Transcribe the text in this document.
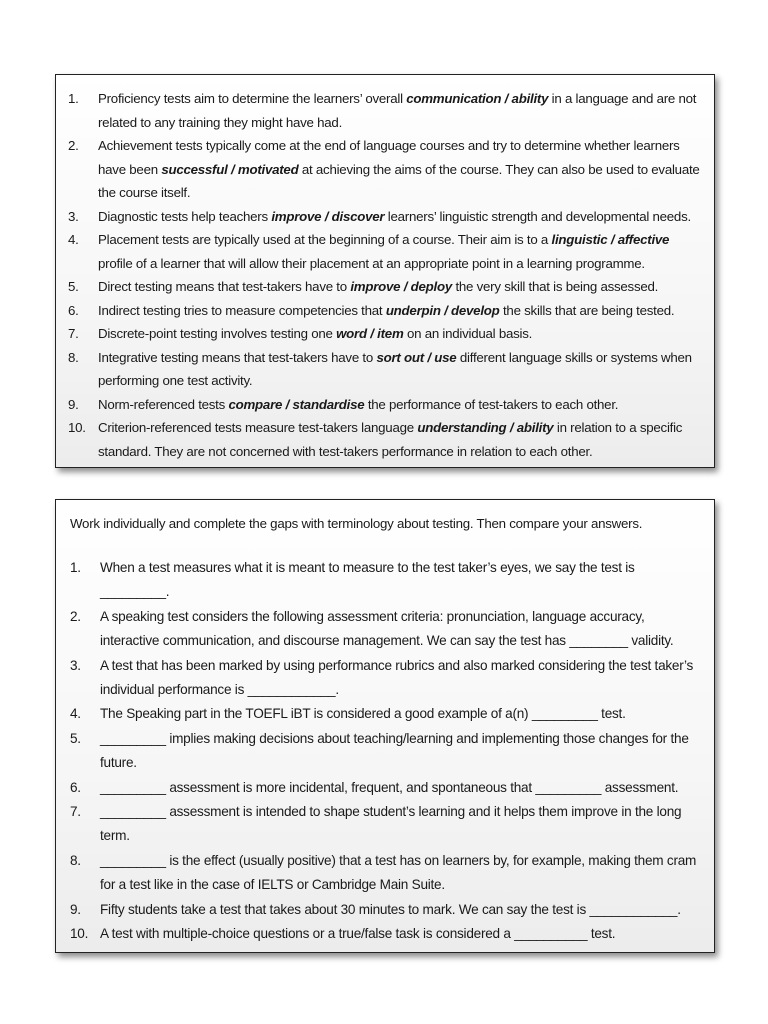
1.	Proficiency tests aim to determine the learners’ overall communication / ability in a language and are not related to any training they might have had.
2.	Achievement tests typically come at the end of language courses and try to determine whether learners have been successful / motivated at achieving the aims of the course. They can also be used to evaluate the course itself.
3.	Diagnostic tests help teachers improve / discover learners’ linguistic strength and developmental needs.
4.	Placement tests are typically used at the beginning of a course. Their aim is to a linguistic / affective profile of a learner that will allow their placement at an appropriate point in a learning programme.
5.	Direct testing means that test-takers have to improve / deploy the very skill that is being assessed.
6.	Indirect testing tries to measure competencies that underpin / develop the skills that are being tested.
7.	Discrete-point testing involves testing one word / item on an individual basis.
8.	Integrative testing means that test-takers have to sort out / use different language skills or systems when performing one test activity.
9.	Norm-referenced tests compare / standardise the performance of test-takers to each other.
10. Criterion-referenced tests measure test-takers language understanding / ability in relation to a specific standard. They are not concerned with test-takers performance in relation to each other.

Work individually and complete the gaps with terminology about testing. Then compare your answers.

1.	When a test measures what it is meant to measure to the test taker’s eyes, we say the test is _________.
2.	A speaking test considers the following assessment criteria: pronunciation, language accuracy, interactive communication, and discourse management. We can say the test has ________ validity.
3.	A test that has been marked by using performance rubrics and also marked considering the test taker’s individual performance is ____________.
4.	The Speaking part in the TOEFL iBT is considered a good example of a(n) _________ test.
5.	_________ implies making decisions about teaching/learning and implementing those changes for the future.
6.	_________ assessment is more incidental, frequent, and spontaneous that _________ assessment.
7.	_________ assessment is intended to shape student’s learning and it helps them improve in the long term.
8.	_________ is the effect (usually positive) that a test has on learners by, for example, making them cram for a test like in the case of IELTS or Cambridge Main Suite.
9.	Fifty students take a test that takes about 30 minutes to mark. We can say the test is ____________.
10. A test with multiple-choice questions or a true/false task is considered a __________ test.
